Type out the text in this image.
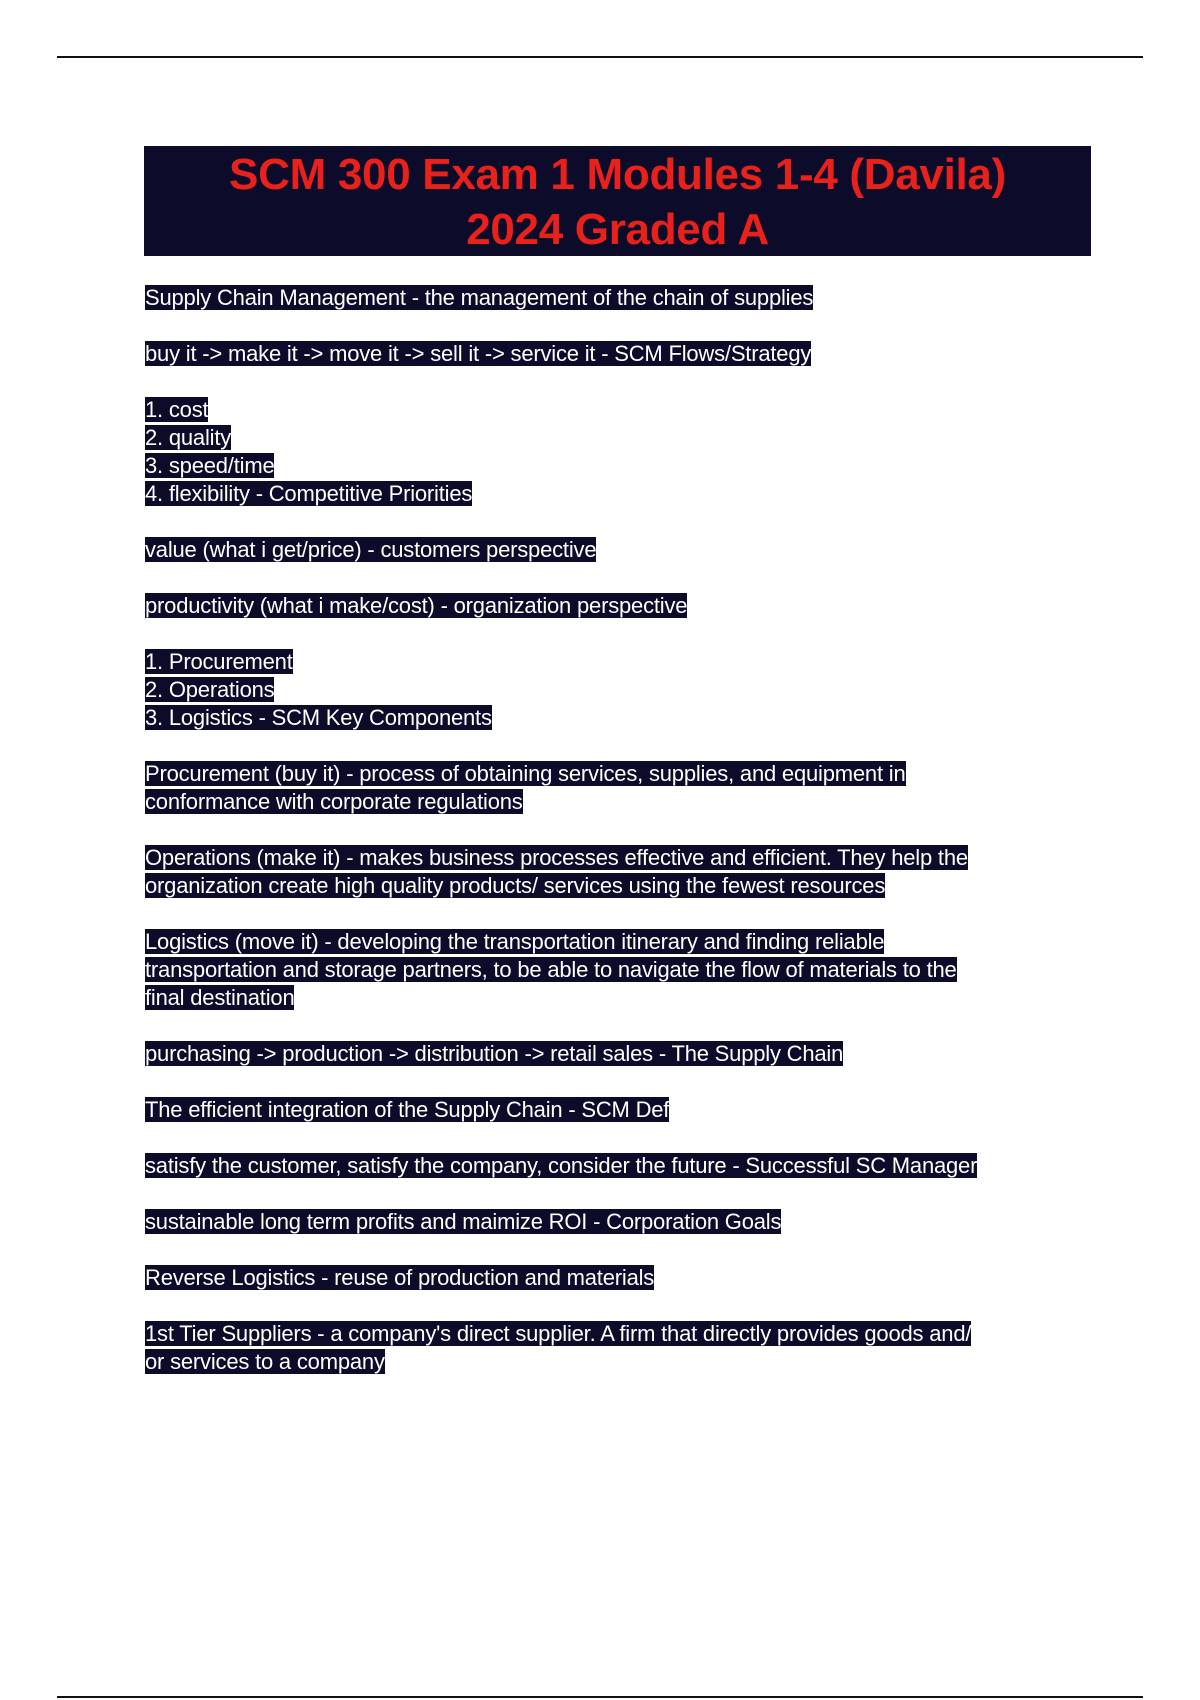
SCM 300 Exam 1 Modules 1-4 (Davila)
2024 Graded A
Supply Chain Management - the management of the chain of supplies
buy it -> make it -> move it -> sell it -> service it - SCM Flows/Strategy
1. cost
2. quality
3. speed/time
4. flexibility - Competitive Priorities
value (what i get/price) - customers perspective
productivity (what i make/cost) - organization perspective
1. Procurement
2. Operations
3. Logistics - SCM Key Components
Procurement (buy it) - process of obtaining services, supplies, and equipment in
conformance with corporate regulations
Operations (make it) - makes business processes effective and efficient. They help the
organization create high quality products/ services using the fewest resources
Logistics (move it) - developing the transportation itinerary and finding reliable
transportation and storage partners, to be able to navigate the flow of materials to the
final destination
purchasing -> production -> distribution -> retail sales - The Supply Chain
The efficient integration of the Supply Chain - SCM Def
satisfy the customer, satisfy the company, consider the future - Successful SC Manager
sustainable long term profits and maimize ROI - Corporation Goals
Reverse Logistics - reuse of production and materials
1st Tier Suppliers - a company's direct supplier. A firm that directly provides goods and/
or services to a company
